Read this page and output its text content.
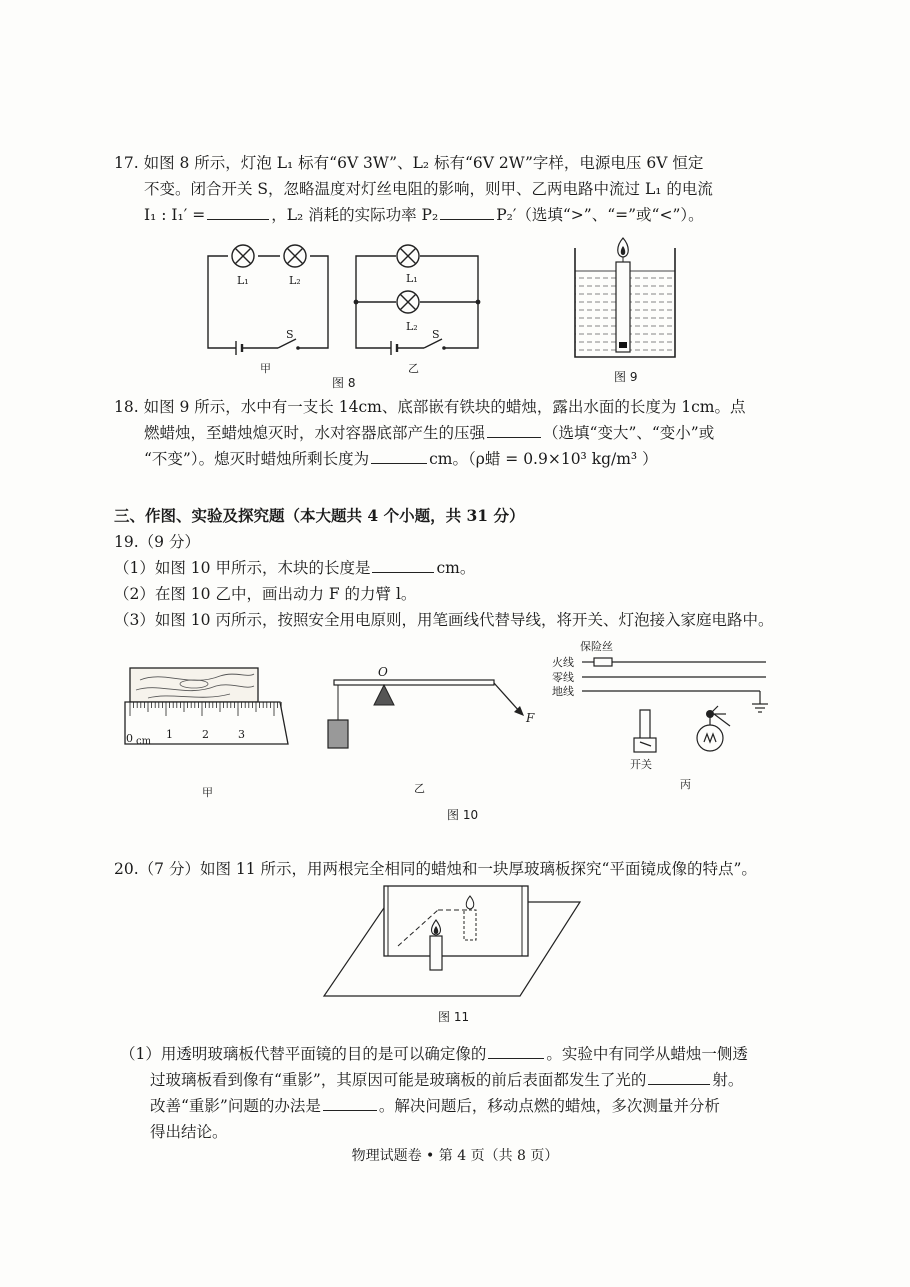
17. 如图 8 所示，灯泡 L₁ 标有“6V 3W”、L₂ 标有“6V 2W”字样，电源电压 6V 恒定
不变。闭合开关 S，忽略温度对灯丝电阻的影响，则甲、乙两电路中流过 L₁ 的电流
I₁ : I₁′ =	，L₂ 消耗的实际功率 P₂	P₂′（选填“>”、“=”或“<”）。
L₁	L₂
S
甲
L₁
L₂
S
乙
图 8	图 9
18. 如图 9 所示，水中有一支长 14cm、底部嵌有铁块的蜡烛，露出水面的长度为 1cm。点
燃蜡烛，至蜡烛熄灭时，水对容器底部产生的压强	（选填“变大”、“变小”或
“不变”）。熄灭时蜡烛所剩长度为	cm。（ρ蜡 = 0.9×10³ kg/m³ ）
三、作图、实验及探究题（本大题共 4 个小题，共 31 分）
19.（9 分）
（1）如图 10 甲所示，木块的长度是	cm。
（2）在图 10 乙中，画出动力 F 的力臂 l。
（3）如图 10 丙所示，按照安全用电原则，用笔画线代替导线，将开关、灯泡接入家庭电路中。
0 cm
1	2	3
甲
O
F
乙
保险丝
火线
零线
地线
开关
丙
图 10
20.（7 分）如图 11 所示，用两根完全相同的蜡烛和一块厚玻璃板探究“平面镜成像的特点”。
图 11
（1）用透明玻璃板代替平面镜的目的是可以确定像的	。实验中有同学从蜡烛一侧透
过玻璃板看到像有“重影”，其原因可能是玻璃板的前后表面都发生了光的	射。
改善“重影”问题的办法是	。解决问题后，移动点燃的蜡烛，多次测量并分析
得出结论。
物理试题卷 • 第 4 页（共 8 页）
